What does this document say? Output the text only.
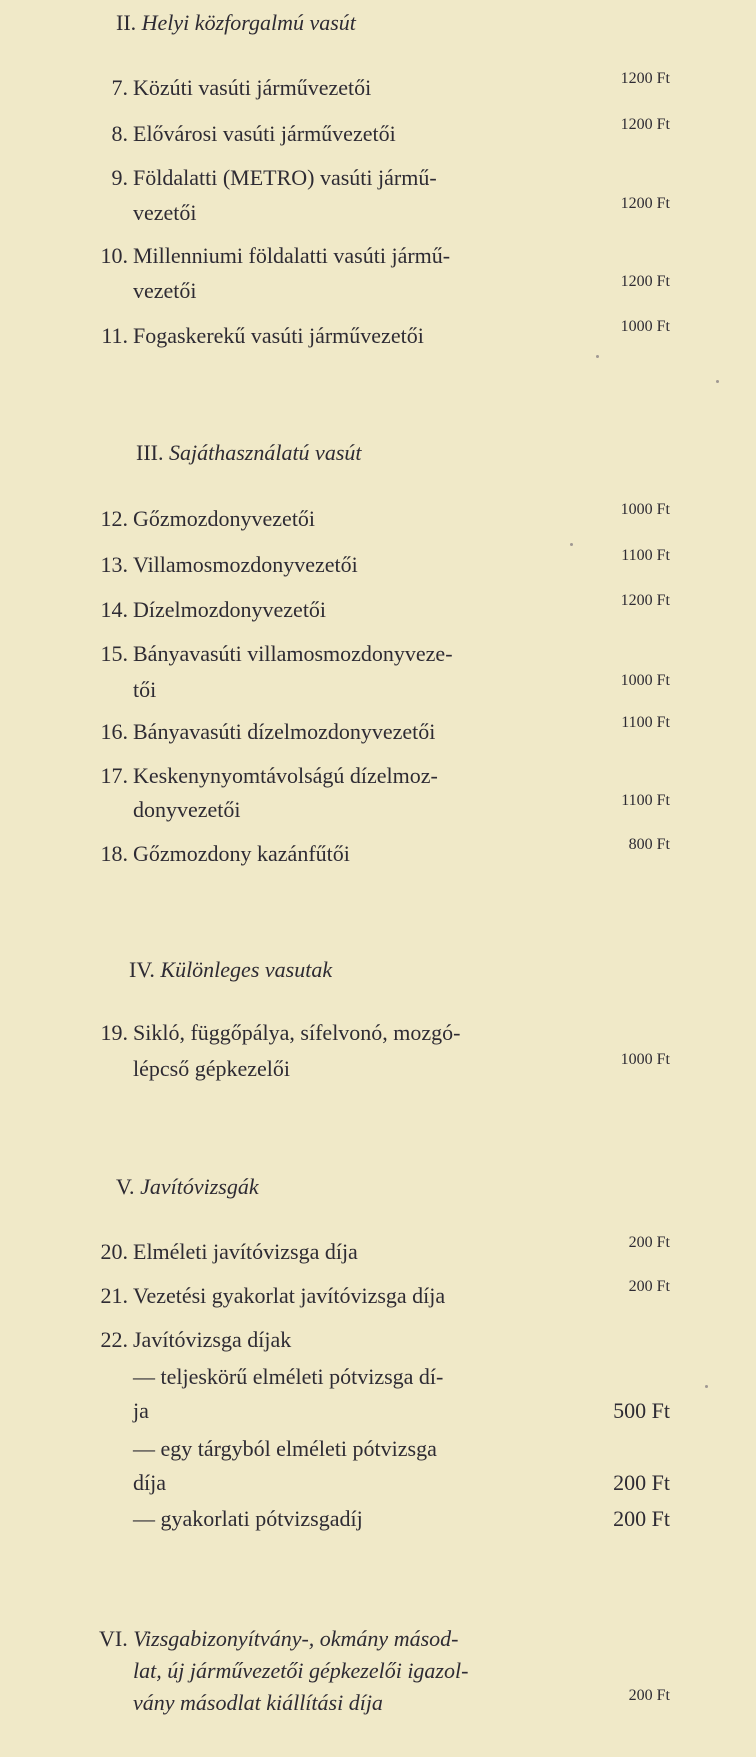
II. Helyi közforgalmú vasút
7. Közúti vasúti járművezetői	1200 Ft
8. Elővárosi vasúti járművezetői	1200 Ft
9. Földalatti (METRO) vasúti jármű-
vezetői	1200 Ft
10. Millenniumi földalatti vasúti jármű-
vezetői	1200 Ft
11. Fogaskerekű vasúti járművezetői	1000 Ft
III. Sajáthasználatú vasút
12. Gőzmozdonyvezetői	1000 Ft
13. Villamosmozdonyvezetői	1100 Ft
14. Dízelmozdonyvezetői	1200 Ft
15. Bányavasúti villamosmozdonyveze-
tői	1000 Ft
16. Bányavasúti dízelmozdonyvezetői	1100 Ft
17. Keskenynyomtávolságú dízelmoz-
donyvezetői	1100 Ft
18. Gőzmozdony kazánfűtői	800 Ft
IV. Különleges vasutak
19. Sikló, függőpálya, sífelvonó, mozgó-
lépcső gépkezelői	1000 Ft
V. Javítóvizsgák
20. Elméleti javítóvizsga díja	200 Ft
21. Vezetési gyakorlat javítóvizsga díja	200 Ft
22. Javítóvizsga díjak
— teljeskörű elméleti pótvizsga dí-
ja	500 Ft
— egy tárgyból elméleti pótvizsga
díja	200 Ft
— gyakorlati pótvizsgadíj	200 Ft
VI. Vizsgabizonyítvány-, okmány másod-
lat, új járművezetői gépkezelői igazol-
vány másodlat kiállítási díja	200 Ft
